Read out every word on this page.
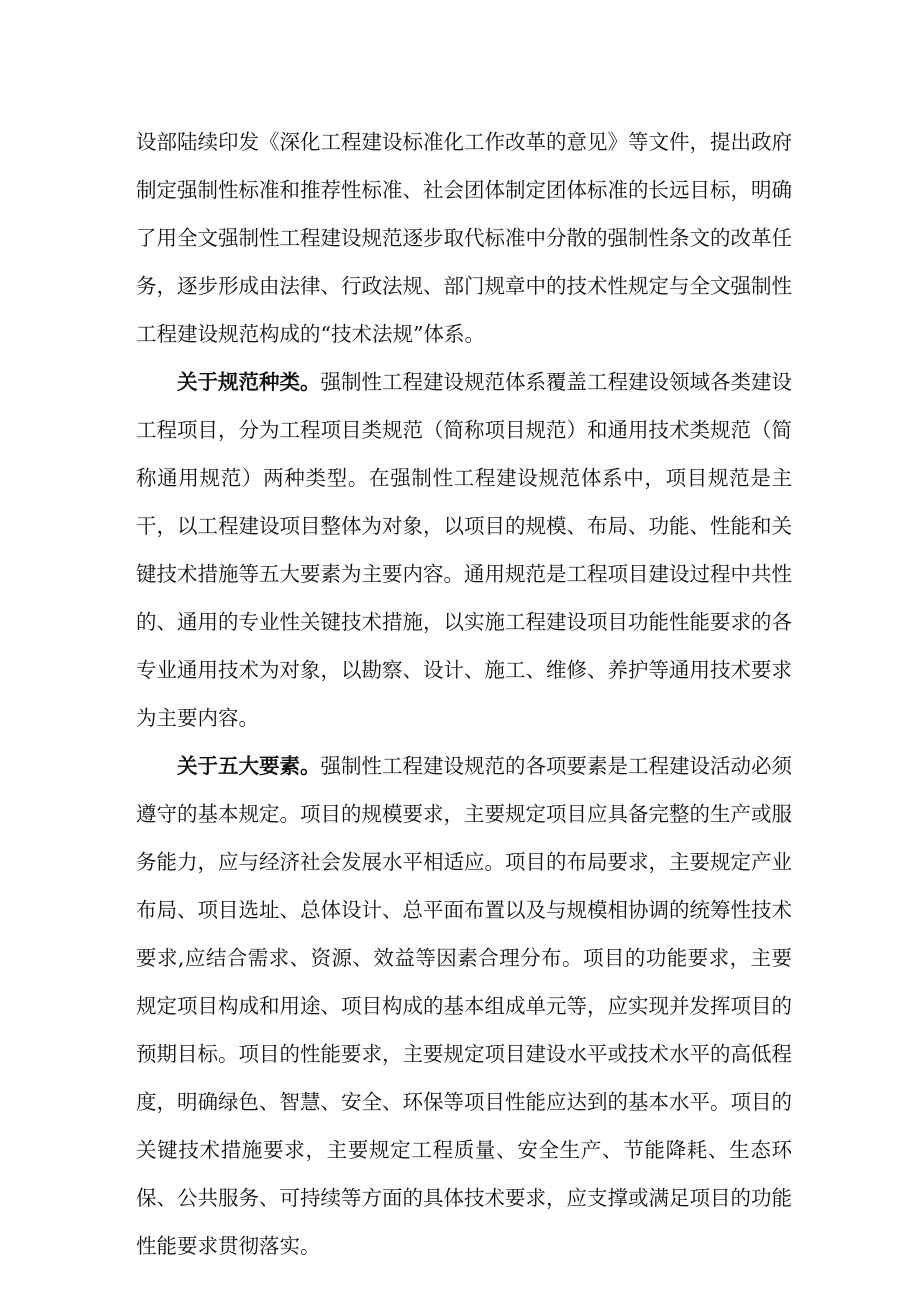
设部陆续印发《深化工程建设标准化工作改革的意见》等文件，提出政府制定强制性标准和推荐性标准、社会团体制定团体标准的长远目标，明确了用全文强制性工程建设规范逐步取代标准中分散的强制性条文的改革任务，逐步形成由法律、行政法规、部门规章中的技术性规定与全文强制性工程建设规范构成的“技术法规”体系。

关于规范种类。强制性工程建设规范体系覆盖工程建设领域各类建设工程项目，分为工程项目类规范（简称项目规范）和通用技术类规范（简称通用规范）两种类型。在强制性工程建设规范体系中，项目规范是主干，以工程建设项目整体为对象，以项目的规模、布局、功能、性能和关键技术措施等五大要素为主要内容。通用规范是工程项目建设过程中共性的、通用的专业性关键技术措施，以实施工程建设项目功能性能要求的各专业通用技术为对象，以勘察、设计、施工、维修、养护等通用技术要求为主要内容。

关于五大要素。强制性工程建设规范的各项要素是工程建设活动必须遵守的基本规定。项目的规模要求，主要规定项目应具备完整的生产或服务能力，应与经济社会发展水平相适应。项目的布局要求，主要规定产业布局、项目选址、总体设计、总平面布置以及与规模相协调的统筹性技术要求,应结合需求、资源、效益等因素合理分布。项目的功能要求，主要规定项目构成和用途、项目构成的基本组成单元等，应实现并发挥项目的预期目标。项目的性能要求，主要规定项目建设水平或技术水平的高低程度，明确绿色、智慧、安全、环保等项目性能应达到的基本水平。项目的关键技术措施要求，主要规定工程质量、安全生产、节能降耗、生态环保、公共服务、可持续等方面的具体技术要求，应支撑或满足项目的功能性能要求贯彻落实。
